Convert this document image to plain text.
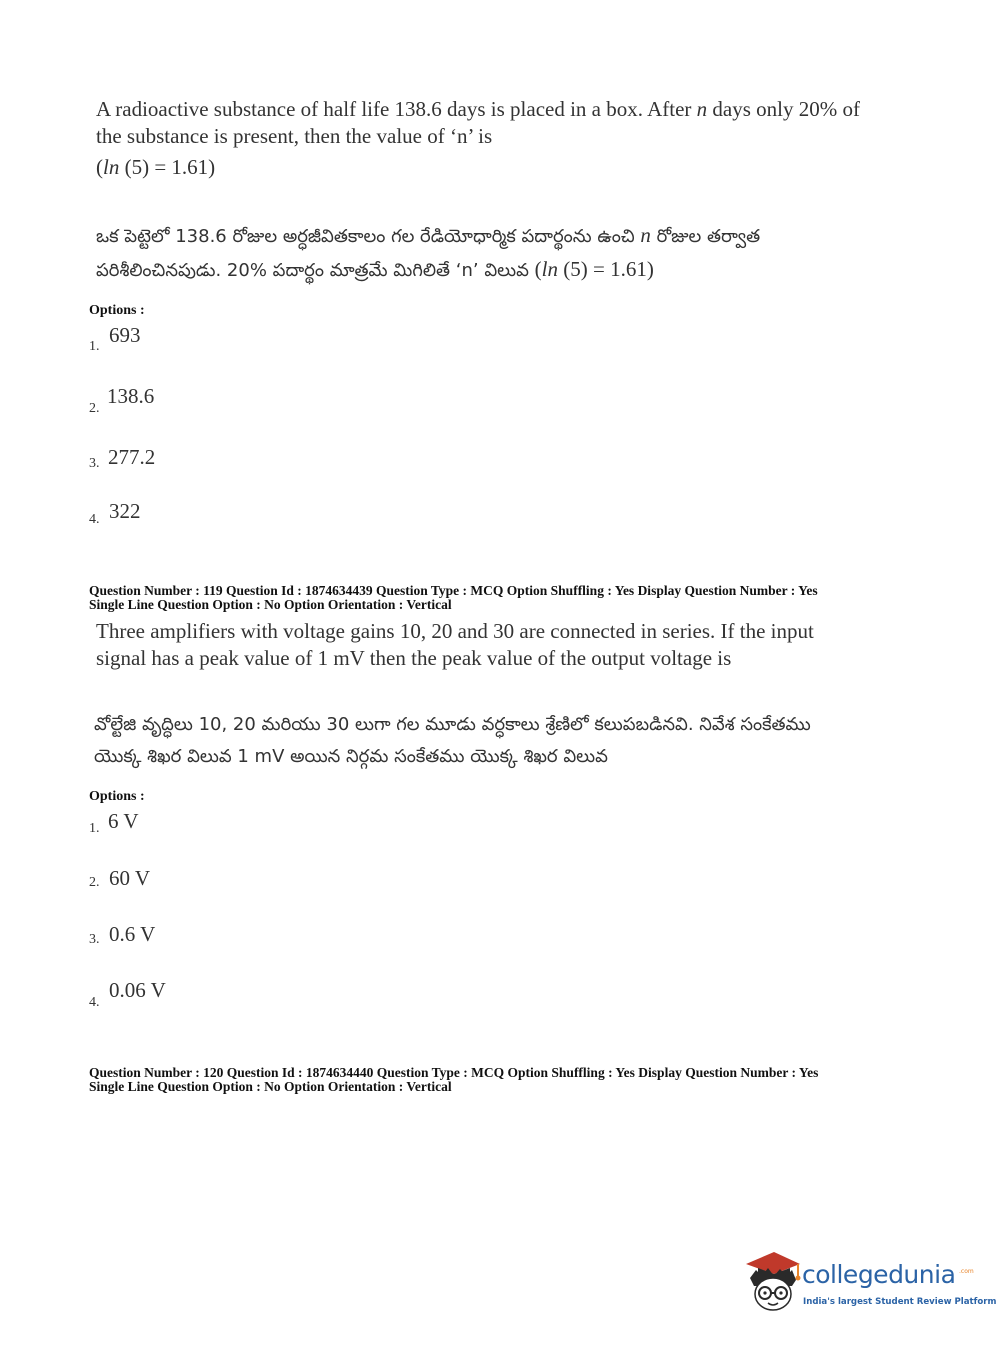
A radioactive substance of half life 138.6 days is placed in a box. After n days only 20% of
the substance is present, then the value of ‘n’ is
(ln (5) = 1.61)
ఒక పెట్టెలో 138.6 రోజుల అర్ధజీవితకాలం గల రేడియోధార్మిక పదార్థంను ఉంచి n రోజుల తర్వాత
పరిశీలించినపుడు. 20% పదార్థం మాత్రమే మిగిలితే ‘n’ విలువ (ln (5) = 1.61)
Options :
1. 693
2.
138.6
3. 277.2
4. 322
Question Number : 119 Question Id : 1874634439 Question Type : MCQ Option Shuffling : Yes Display Question Number : Yes
Single Line Question Option : No Option Orientation : Vertical
Three amplifiers with voltage gains 10, 20 and 30 are connected in series. If the input
signal has a peak value of 1 mV then the peak value of the output voltage is
వోల్టేజి వృద్ధిలు 10, 20 మరియు 30 లుగా గల మూడు వర్ధకాలు శ్రేణిలో కలుపబడినవి. నివేశ సంకేతము
యొక్క శిఖర విలువ 1 mV అయిన నిర్గమ సంకేతము యొక్క శిఖర విలువ
Options :
1. 6 V
2. 60 V
3. 0.6 V
4.
0.06 V
Question Number : 120 Question Id : 1874634440 Question Type : MCQ Option Shuffling : Yes Display Question Number : Yes
Single Line Question Option : No Option Orientation : Vertical
collegedunia .com
India's largest Student Review Platform
